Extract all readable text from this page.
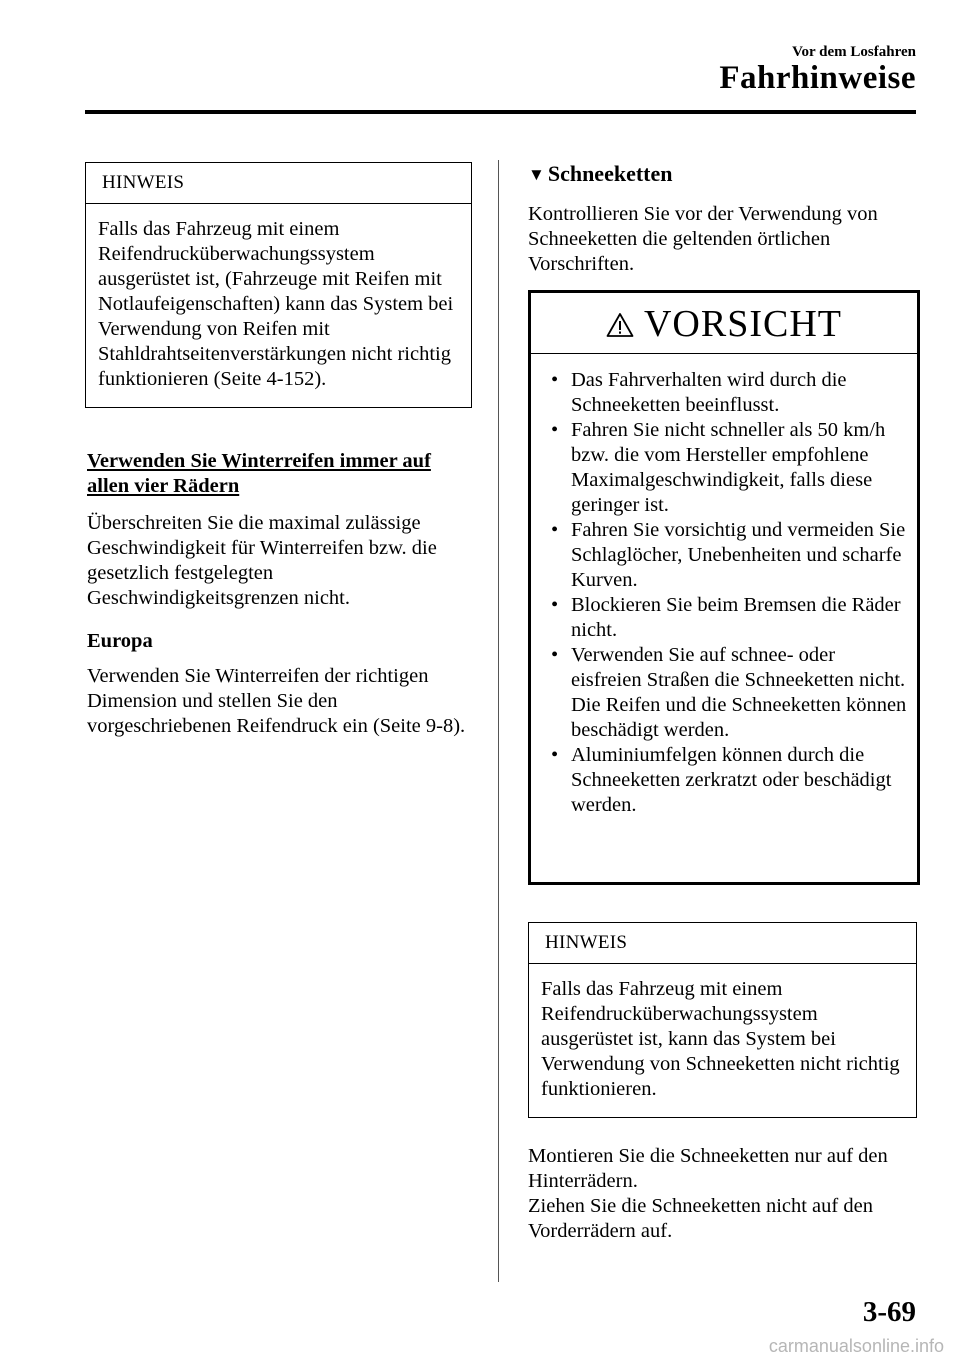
Vor dem Losfahren
Fahrhinweise
HINWEIS
Falls das Fahrzeug mit einem Reifendrucküberwachungssystem ausgerüstet ist, (Fahrzeuge mit Reifen mit Notlaufeigenschaften) kann das System bei Verwendung von Reifen mit Stahldrahtseitenverstärkungen nicht richtig funktionieren (Seite 4-152).
Verwenden Sie Winterreifen immer auf allen vier Rädern
Überschreiten Sie die maximal zulässige Geschwindigkeit für Winterreifen bzw. die gesetzlich festgelegten Geschwindigkeitsgrenzen nicht.
Europa
Verwenden Sie Winterreifen der richtigen Dimension und stellen Sie den vorgeschriebenen Reifendruck ein (Seite 9-8).
▼ Schneeketten
Kontrollieren Sie vor der Verwendung von Schneeketten die geltenden örtlichen Vorschriften.
VORSICHT
• Das Fahrverhalten wird durch die Schneeketten beeinflusst.
• Fahren Sie nicht schneller als 50 km/h bzw. die vom Hersteller empfohlene Maximalgeschwindigkeit, falls diese geringer ist.
• Fahren Sie vorsichtig und vermeiden Sie Schlaglöcher, Unebenheiten und scharfe Kurven.
• Blockieren Sie beim Bremsen die Räder nicht.
• Verwenden Sie auf schnee- oder eisfreien Straßen die Schneeketten nicht. Die Reifen und die Schneeketten können beschädigt werden.
• Aluminiumfelgen können durch die Schneeketten zerkratzt oder beschädigt werden.
HINWEIS
Falls das Fahrzeug mit einem Reifendrucküberwachungssystem ausgerüstet ist, kann das System bei Verwendung von Schneeketten nicht richtig funktionieren.
Montieren Sie die Schneeketten nur auf den Hinterrädern.
Ziehen Sie die Schneeketten nicht auf den Vorderrädern auf.
3-69
carmanualsonline.info
